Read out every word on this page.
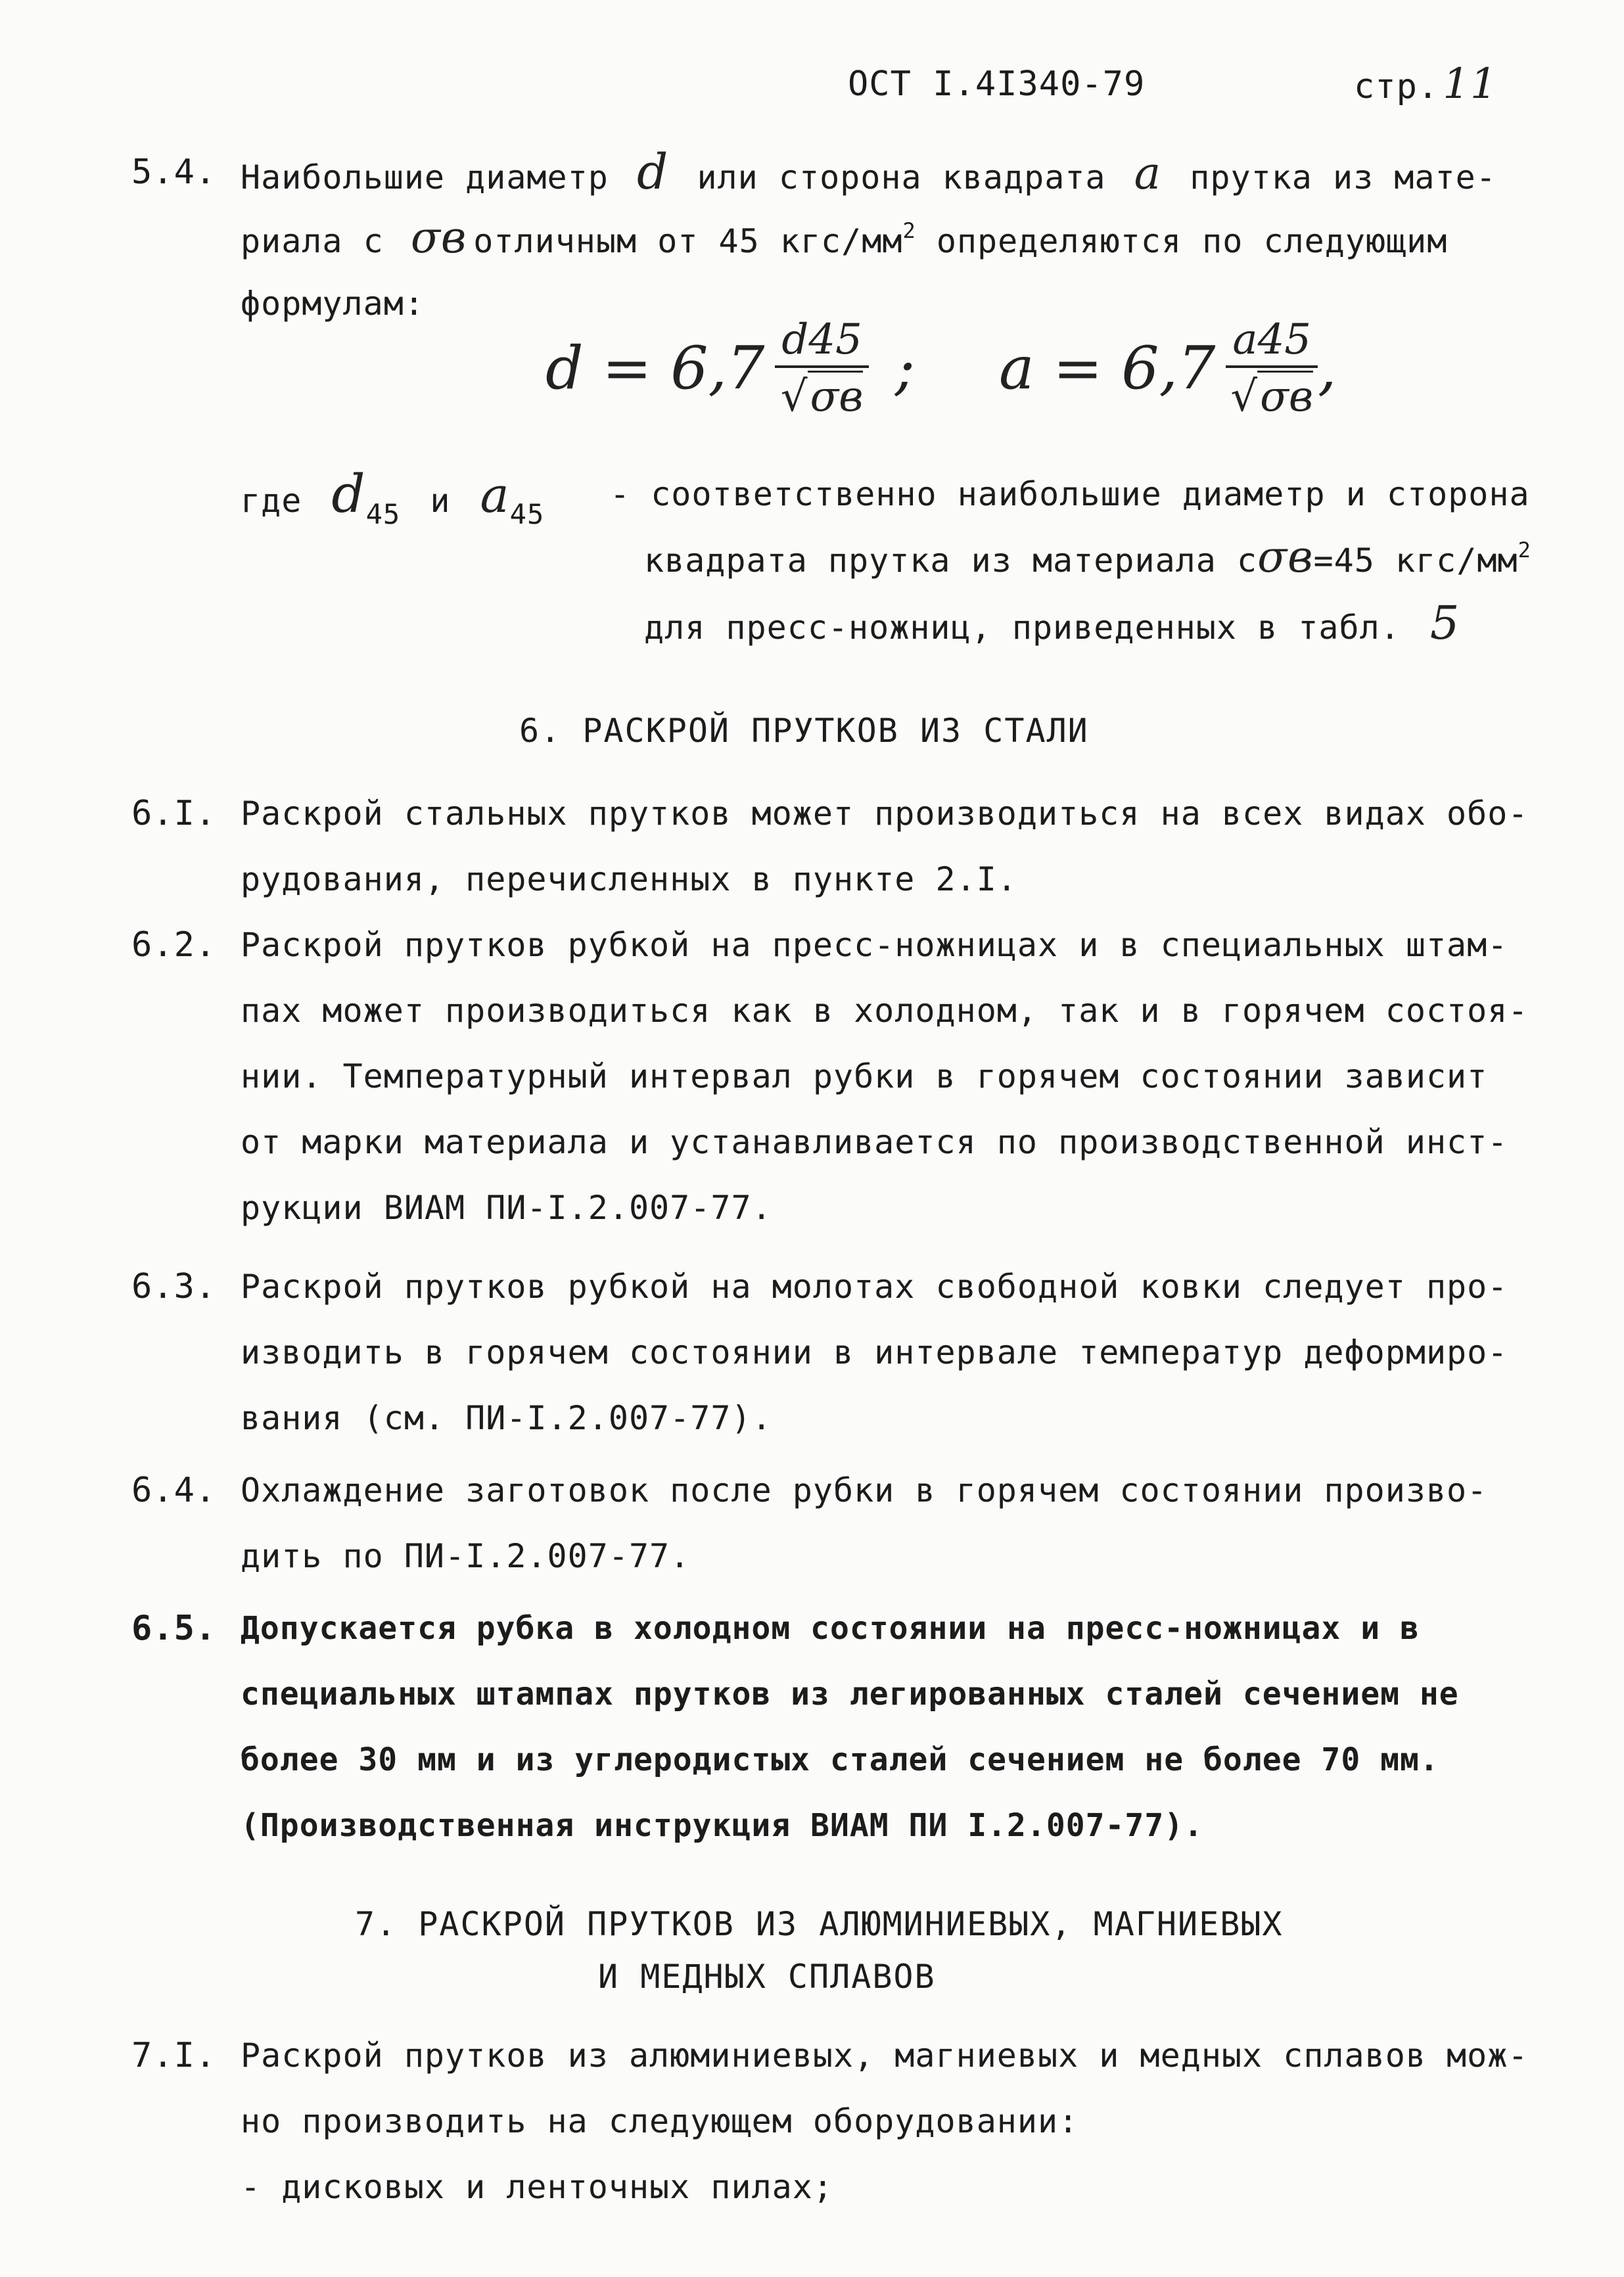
ОСТ I.4I340-79	стр.11
5.4. Наибольшие диаметр d или сторона квадрата a прутка из мате-
риала с σв отличным от 45 кгс/$мм^2$ определяются по следующим
формулам:
$d = 6,7 \frac{d45}{√\sigma в}$ ; $a = 6,7 \frac{a45}{√\sigma в}$ ,
где $d_{45}$ и $a_{45}$
- соответственно наибольшие диаметр и сторона
квадрата прутка из материала сσв=45 кгс/$мм^2$
для пресс-ножниц, приведенных в табл. 5
6. РАСКРОЙ ПРУТКОВ ИЗ СТАЛИ
6.I. Раскрой стальных прутков может производиться на всех видах обо-
рудования, перечисленных в пункте 2.I.
6.2. Раскрой прутков рубкой на пресс-ножницах и в специальных штам-
пах может производиться как в холодном, так и в горячем состоя-
нии. Температурный интервал рубки в горячем состоянии зависит
от марки материала и устанавливается по производственной инст-
рукции ВИАМ ПИ-I.2.007-77.
6.3. Раскрой прутков рубкой на молотах свободной ковки следует про-
изводить в горячем состоянии в интервале температур деформиро-
вания (см. ПИ-I.2.007-77).
6.4. Охлаждение заготовок после рубки в горячем состоянии произво-
дить по ПИ-I.2.007-77.
6.5. Допускается рубка в холодном состоянии на пресс-ножницах и в
специальных штампах прутков из легированных сталей сечением не
более 30 мм и из углеродистых сталей сечением не более 70 мм.
(Производственная инструкция ВИАМ ПИ I.2.007-77).
7. РАСКРОЙ ПРУТКОВ ИЗ АЛЮМИНИЕВЫХ, МАГНИЕВЫХ
И МЕДНЫХ СПЛАВОВ
7.I. Раскрой прутков из алюминиевых, магниевых и медных сплавов мож-
но производить на следующем оборудовании:
- дисковых и ленточных пилах;
